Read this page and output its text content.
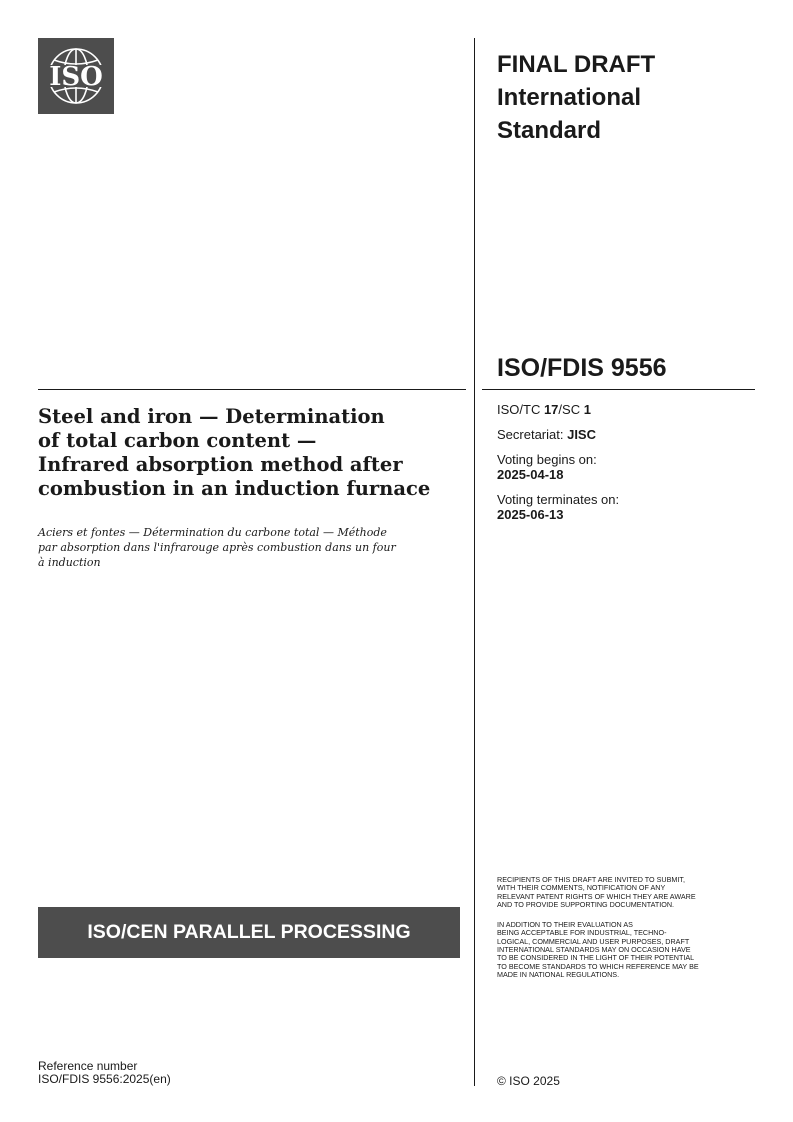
ISO	FINAL DRAFT
International
Standard
ISO/FDIS 9556
ISO/TC 17/SC 1
Secretariat: JISC
Voting begins on:
2025-04-18
Voting terminates on:
2025-06-13
Steel and iron — Determination
of total carbon content —
Infrared absorption method after
combustion in an induction furnace
Aciers et fontes — Détermination du carbone total — Méthode
par absorption dans l'infrarouge après combustion dans un four
à induction
ISO/CEN PARALLEL PROCESSING

RECIPIENTS OF THIS DRAFT ARE INVITED TO SUBMIT,
WITH THEIR COMMENTS, NOTIFICATION OF ANY
RELEVANT PATENT RIGHTS OF WHICH THEY ARE AWARE
AND TO PROVIDE SUPPORTING DOCUMENTATION.

IN ADDITION TO THEIR EVALUATION AS
BEING ACCEPTABLE FOR INDUSTRIAL, TECHNO-
LOGICAL, COMMERCIAL AND USER PURPOSES, DRAFT
INTERNATIONAL STANDARDS MAY ON OCCASION HAVE
TO BE CONSIDERED IN THE LIGHT OF THEIR POTENTIAL
TO BECOME STANDARDS TO WHICH REFERENCE MAY BE
MADE IN NATIONAL REGULATIONS.

Reference number
ISO/FDIS 9556:2025(en)	© ISO 2025
